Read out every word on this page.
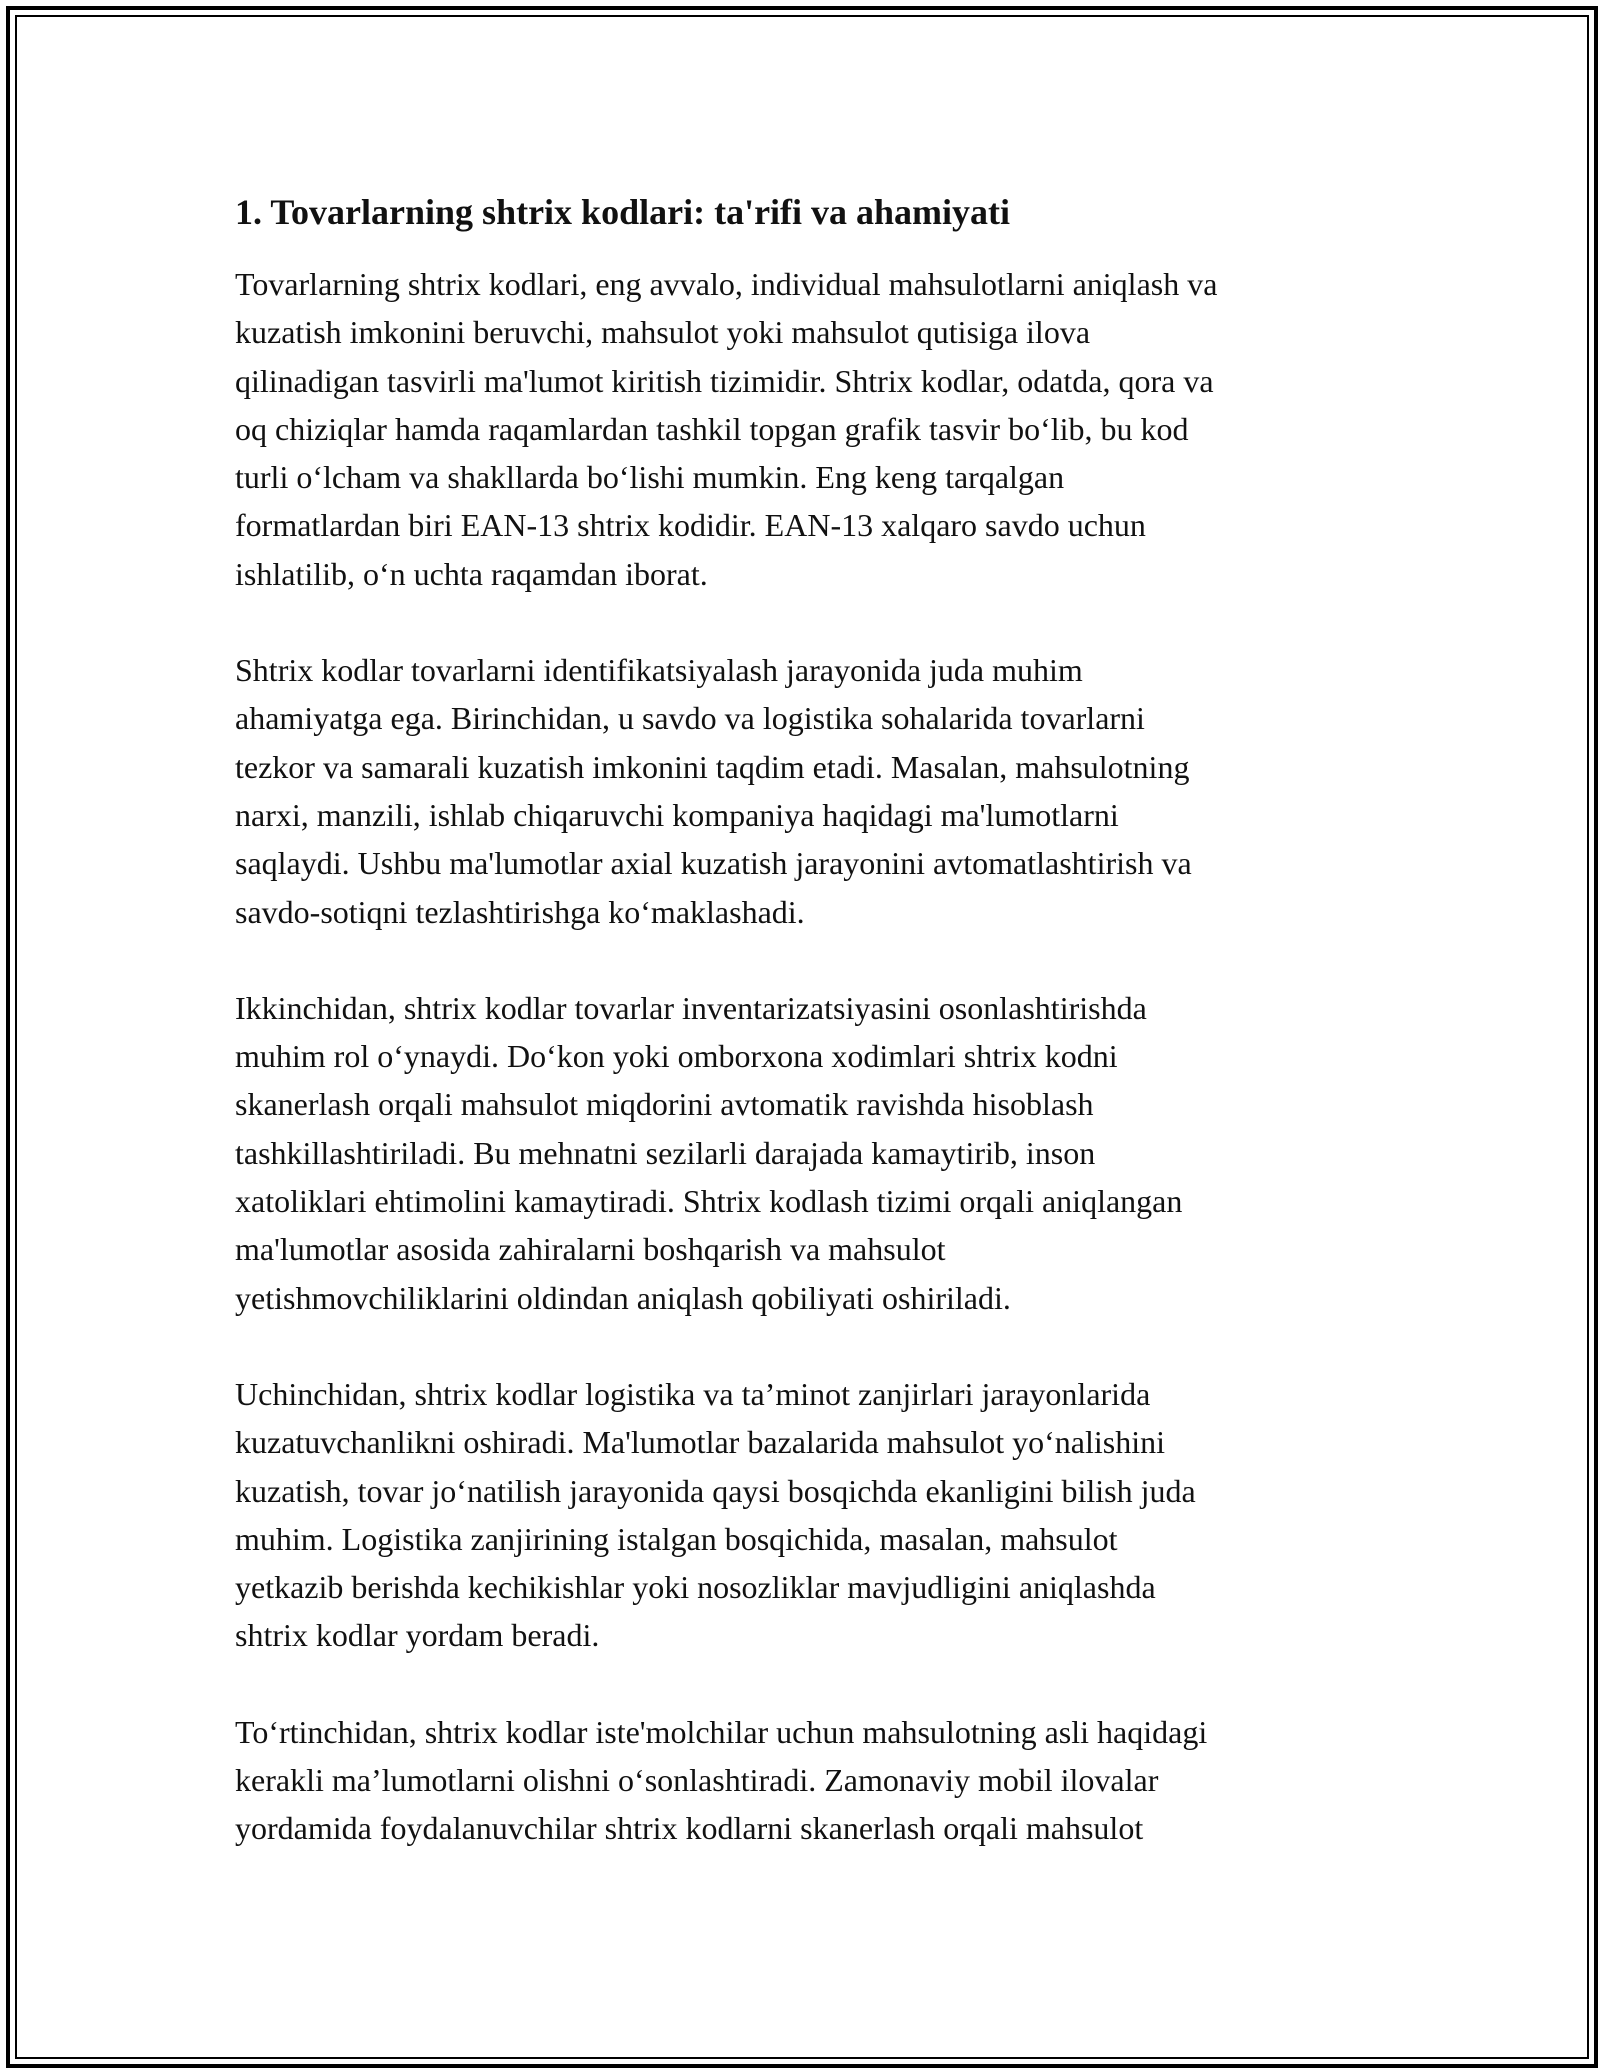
1. Tovarlarning shtrix kodlari: ta'rifi va ahamiyati

Tovarlarning shtrix kodlari, eng avvalo, individual mahsulotlarni aniqlash va
kuzatish imkonini beruvchi, mahsulot yoki mahsulot qutisiga ilova
qilinadigan tasvirli ma'lumot kiritish tizimidir. Shtrix kodlar, odatda, qora va
oq chiziqlar hamda raqamlardan tashkil topgan grafik tasvir bo‘lib, bu kod
turli o‘lcham va shakllarda bo‘lishi mumkin. Eng keng tarqalgan
formatlardan biri EAN-13 shtrix kodidir. EAN-13 xalqaro savdo uchun
ishlatilib, o‘n uchta raqamdan iborat.

Shtrix kodlar tovarlarni identifikatsiyalash jarayonida juda muhim
ahamiyatga ega. Birinchidan, u savdo va logistika sohalarida tovarlarni
tezkor va samarali kuzatish imkonini taqdim etadi. Masalan, mahsulotning
narxi, manzili, ishlab chiqaruvchi kompaniya haqidagi ma'lumotlarni
saqlaydi. Ushbu ma'lumotlar axial kuzatish jarayonini avtomatlashtirish va
savdo-sotiqni tezlashtirishga ko‘maklashadi.

Ikkinchidan, shtrix kodlar tovarlar inventarizatsiyasini osonlashtirishda
muhim rol o‘ynaydi. Do‘kon yoki omborxona xodimlari shtrix kodni
skanerlash orqali mahsulot miqdorini avtomatik ravishda hisoblash
tashkillashtiriladi. Bu mehnatni sezilarli darajada kamaytirib, inson
xatoliklari ehtimolini kamaytiradi. Shtrix kodlash tizimi orqali aniqlangan
ma'lumotlar asosida zahiralarni boshqarish va mahsulot
yetishmovchiliklarini oldindan aniqlash qobiliyati oshiriladi.

Uchinchidan, shtrix kodlar logistika va ta’minot zanjirlari jarayonlarida
kuzatuvchanlikni oshiradi. Ma'lumotlar bazalarida mahsulot yo‘nalishini
kuzatish, tovar jo‘natilish jarayonida qaysi bosqichda ekanligini bilish juda
muhim. Logistika zanjirining istalgan bosqichida, masalan, mahsulot
yetkazib berishda kechikishlar yoki nosozliklar mavjudligini aniqlashda
shtrix kodlar yordam beradi.

To‘rtinchidan, shtrix kodlar iste'molchilar uchun mahsulotning asli haqidagi
kerakli ma’lumotlarni olishni o‘sonlashtiradi. Zamonaviy mobil ilovalar
yordamida foydalanuvchilar shtrix kodlarni skanerlash orqali mahsulot
